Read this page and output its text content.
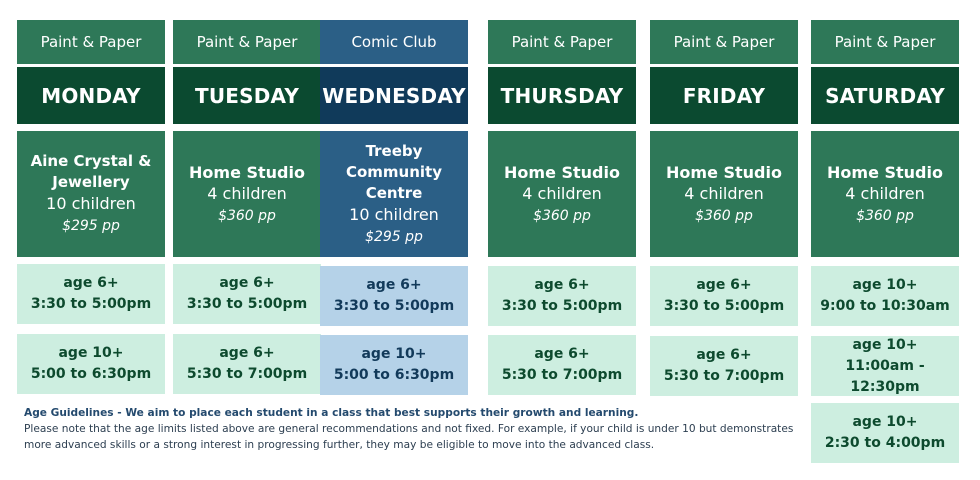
Paint & Paper
MONDAY
Aine Crystal &
Jewellery
10 children
$295 pp
age 6+
3:30 to 5:00pm
age 10+
5:00 to 6:30pm
Paint & Paper
TUESDAY
Home Studio
4 children
$360 pp
age 6+
3:30 to 5:00pm
age 6+
5:30 to 7:00pm
Comic Club
WEDNESDAY
Treeby
Community Centre
10 children
$295 pp
age 6+
3:30 to 5:00pm
age 10+
5:00 to 6:30pm
Paint & Paper
THURSDAY
Home Studio
4 children
$360 pp
age 6+
3:30 to 5:00pm
age 6+
5:30 to 7:00pm
Paint & Paper
FRIDAY
Home Studio
4 children
$360 pp
age 6+
3:30 to 5:00pm
age 6+
5:30 to 7:00pm
Paint & Paper
SATURDAY
Home Studio
4 children
$360 pp
age 10+
9:00 to 10:30am
age 10+
11:00am - 12:30pm
age 10+
2:30 to 4:00pm
Age Guidelines - We aim to place each student in a class that best supports their growth and learning.
Please note that the age limits listed above are general recommendations and not fixed. For example, if your child is under 10 but demonstrates more advanced skills or a strong interest in progressing further, they may be eligible to move into the advanced class.
